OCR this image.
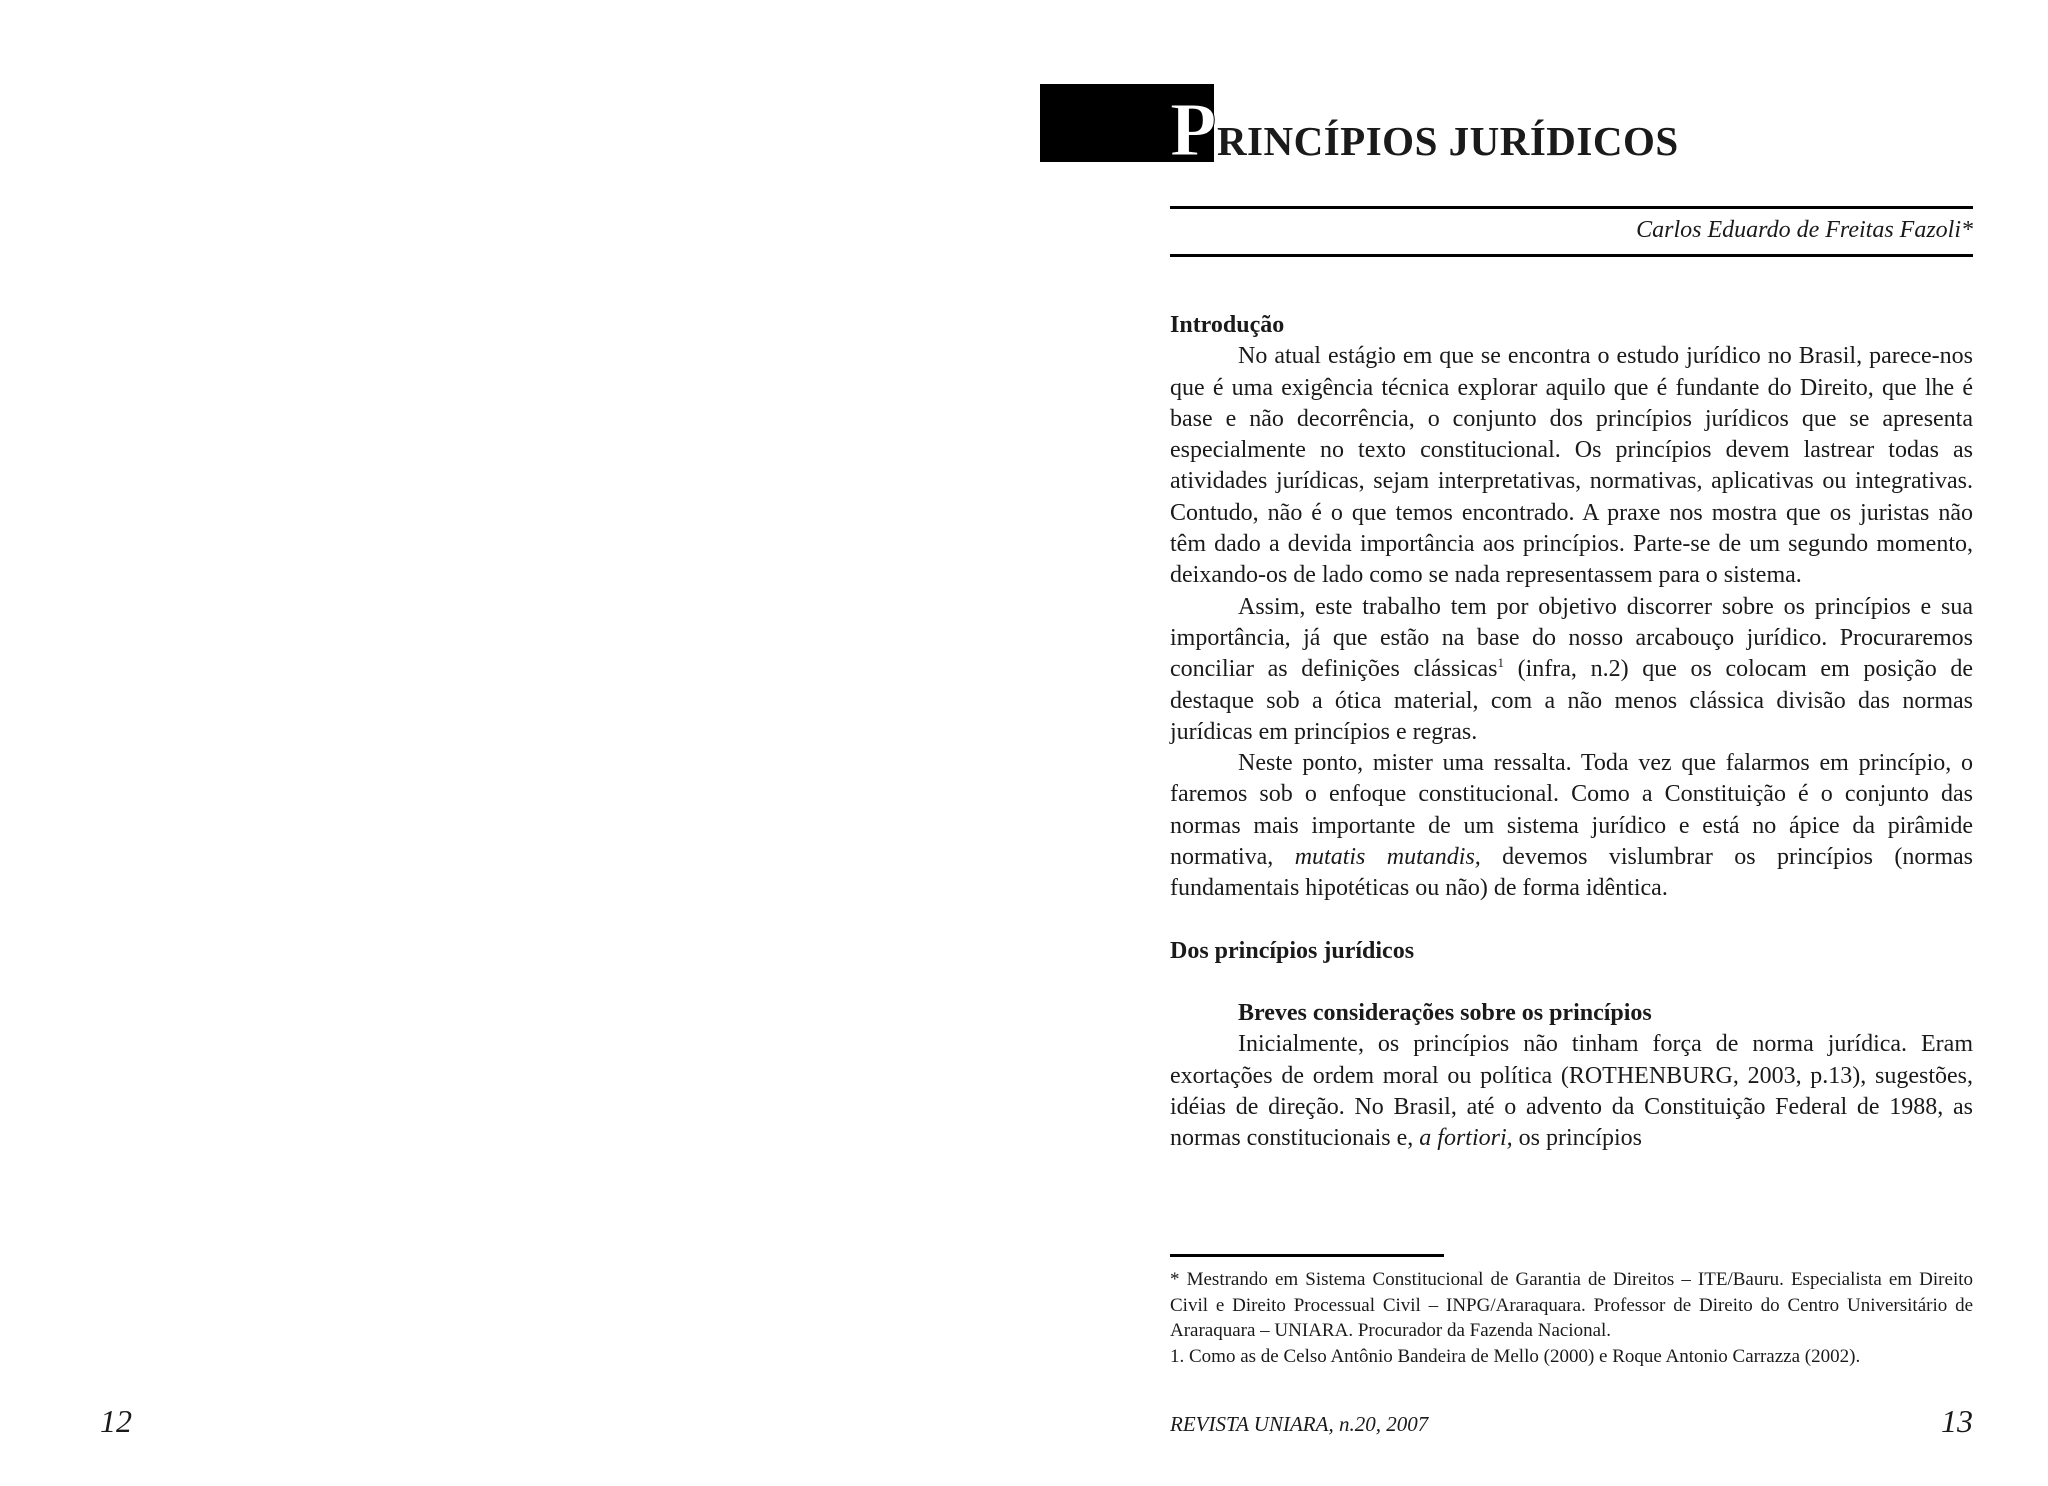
PRINCÍPIOS JURÍDICOS
Carlos Eduardo de Freitas Fazoli*
Introdução

No atual estágio em que se encontra o estudo jurídico no Brasil, parece-nos que é uma exigência técnica explorar aquilo que é fundante do Direito, que lhe é base e não decorrência, o conjunto dos princípios jurídicos que se apresenta especialmente no texto constitucional. Os princípios devem lastrear todas as atividades jurídicas, sejam interpretativas, normativas, aplicativas ou integrativas. Contudo, não é o que temos encontrado. A praxe nos mostra que os juristas não têm dado a devida importância aos princípios. Parte-se de um segundo momento, deixando-os de lado como se nada representassem para o sistema.

Assim, este trabalho tem por objetivo discorrer sobre os princípios e sua importância, já que estão na base do nosso arcabouço jurídico. Procuraremos conciliar as definições clássicas$^1$ (infra, n.2) que os colocam em posição de destaque sob a ótica material, com a não menos clássica divisão das normas jurídicas em princípios e regras.

Neste ponto, mister uma ressalta. Toda vez que falarmos em princípio, o faremos sob o enfoque constitucional. Como a Constituição é o conjunto das normas mais importante de um sistema jurídico e está no ápice da pirâmide normativa, mutatis mutandis, devemos vislumbrar os princípios (normas fundamentais hipotéticas ou não) de forma idêntica.

Dos princípios jurídicos
Breves considerações sobre os princípios

Inicialmente, os princípios não tinham força de norma jurídica. Eram exortações de ordem moral ou política (ROTHENBURG, 2003, p.13), sugestões, idéias de direção. No Brasil, até o advento da Constituição Federal de 1988, as normas constitucionais e, a fortiori, os princípios

* Mestrando em Sistema Constitucional de Garantia de Direitos – ITE/Bauru. Especialista em Direito Civil e Direito Processual Civil – INPG/Araraquara. Professor de Direito do Centro Universitário de Araraquara – UNIARA. Procurador da Fazenda Nacional.

1. Como as de Celso Antônio Bandeira de Mello (2000) e Roque Antonio Carrazza (2002).

12	REVISTA UNIARA, n.20, 2007	13
